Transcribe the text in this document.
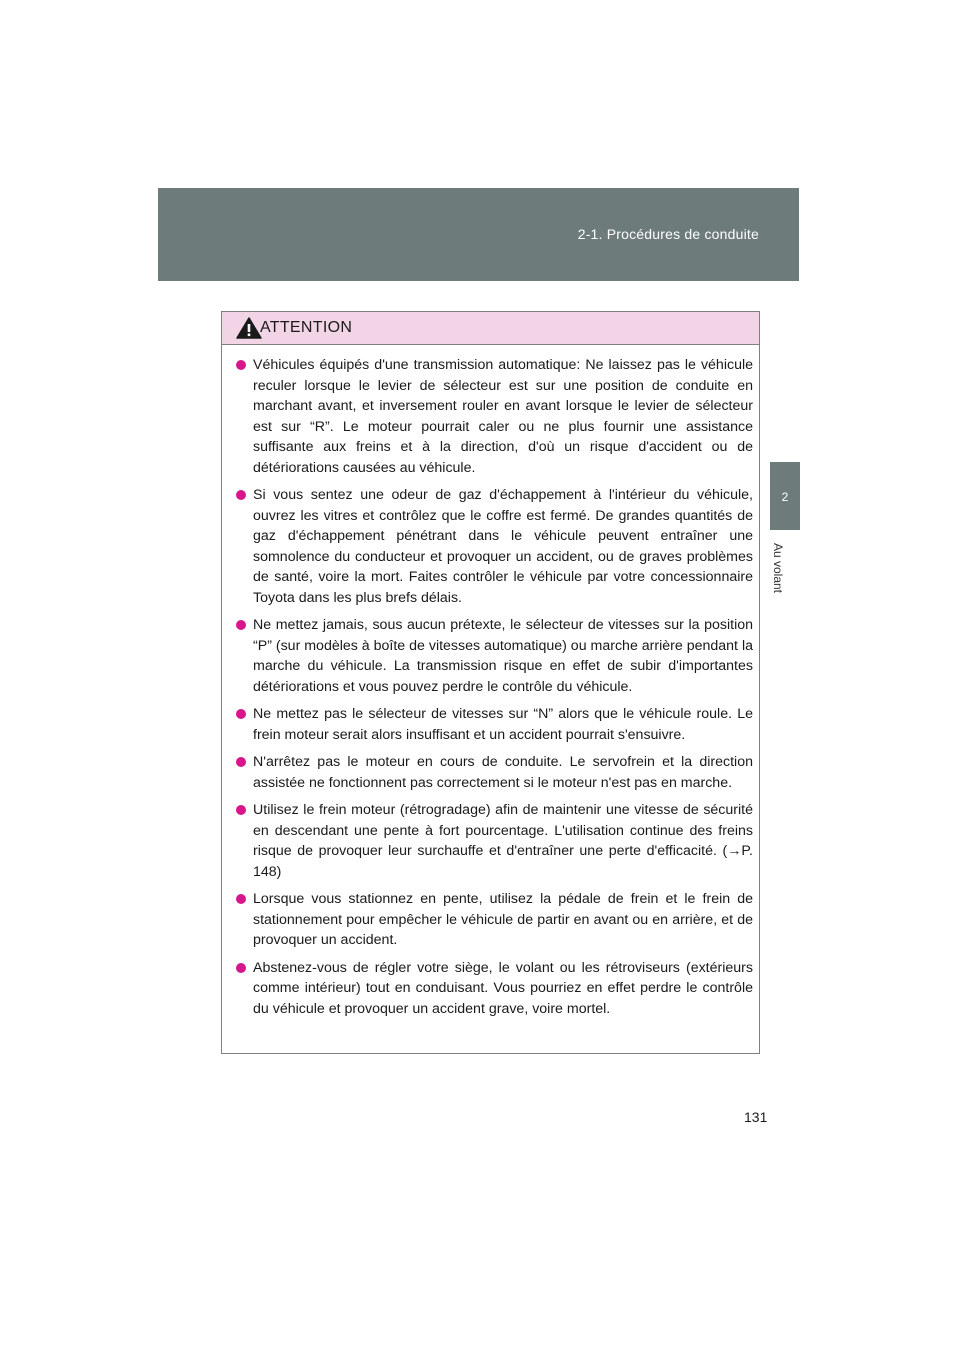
2-1. Procédures de conduite
2
Au volant
ATTENTION
Véhicules équipés d'une transmission automatique: Ne laissez pas le véhicule reculer lorsque le levier de sélecteur est sur une position de conduite en marchant avant, et inversement rouler en avant lorsque le levier de sélecteur est sur “R”. Le moteur pourrait caler ou ne plus fournir une assistance suffisante aux freins et à la direction, d'où un risque d'accident ou de détériorations causées au véhicule.
Si vous sentez une odeur de gaz d'échappement à l'intérieur du véhicule, ouvrez les vitres et contrôlez que le coffre est fermé. De grandes quantités de gaz d'échappement pénétrant dans le véhicule peuvent entraîner une somnolence du conducteur et provoquer un accident, ou de graves problèmes de santé, voire la mort. Faites contrôler le véhicule par votre concessionnaire Toyota dans les plus brefs délais.
Ne mettez jamais, sous aucun prétexte, le sélecteur de vitesses sur la position “P” (sur modèles à boîte de vitesses automatique) ou marche arrière pendant la marche du véhicule. La transmission risque en effet de subir d'importantes détériorations et vous pouvez perdre le contrôle du véhicule.
Ne mettez pas le sélecteur de vitesses sur “N” alors que le véhicule roule. Le frein moteur serait alors insuffisant et un accident pourrait s'ensuivre.
N'arrêtez pas le moteur en cours de conduite. Le servofrein et la direction assistée ne fonctionnent pas correctement si le moteur n'est pas en marche.
Utilisez le frein moteur (rétrogradage) afin de maintenir une vitesse de sécurité en descendant une pente à fort pourcentage. L'utilisation continue des freins risque de provoquer leur surchauffe et d'entraîner une perte d'efficacité. (→P. 148)
Lorsque vous stationnez en pente, utilisez la pédale de frein et le frein de stationnement pour empêcher le véhicule de partir en avant ou en arrière, et de provoquer un accident.
Abstenez-vous de régler votre siège, le volant ou les rétroviseurs (extérieurs comme intérieur) tout en conduisant. Vous pourriez en effet perdre le contrôle du véhicule et provoquer un accident grave, voire mortel.
131
